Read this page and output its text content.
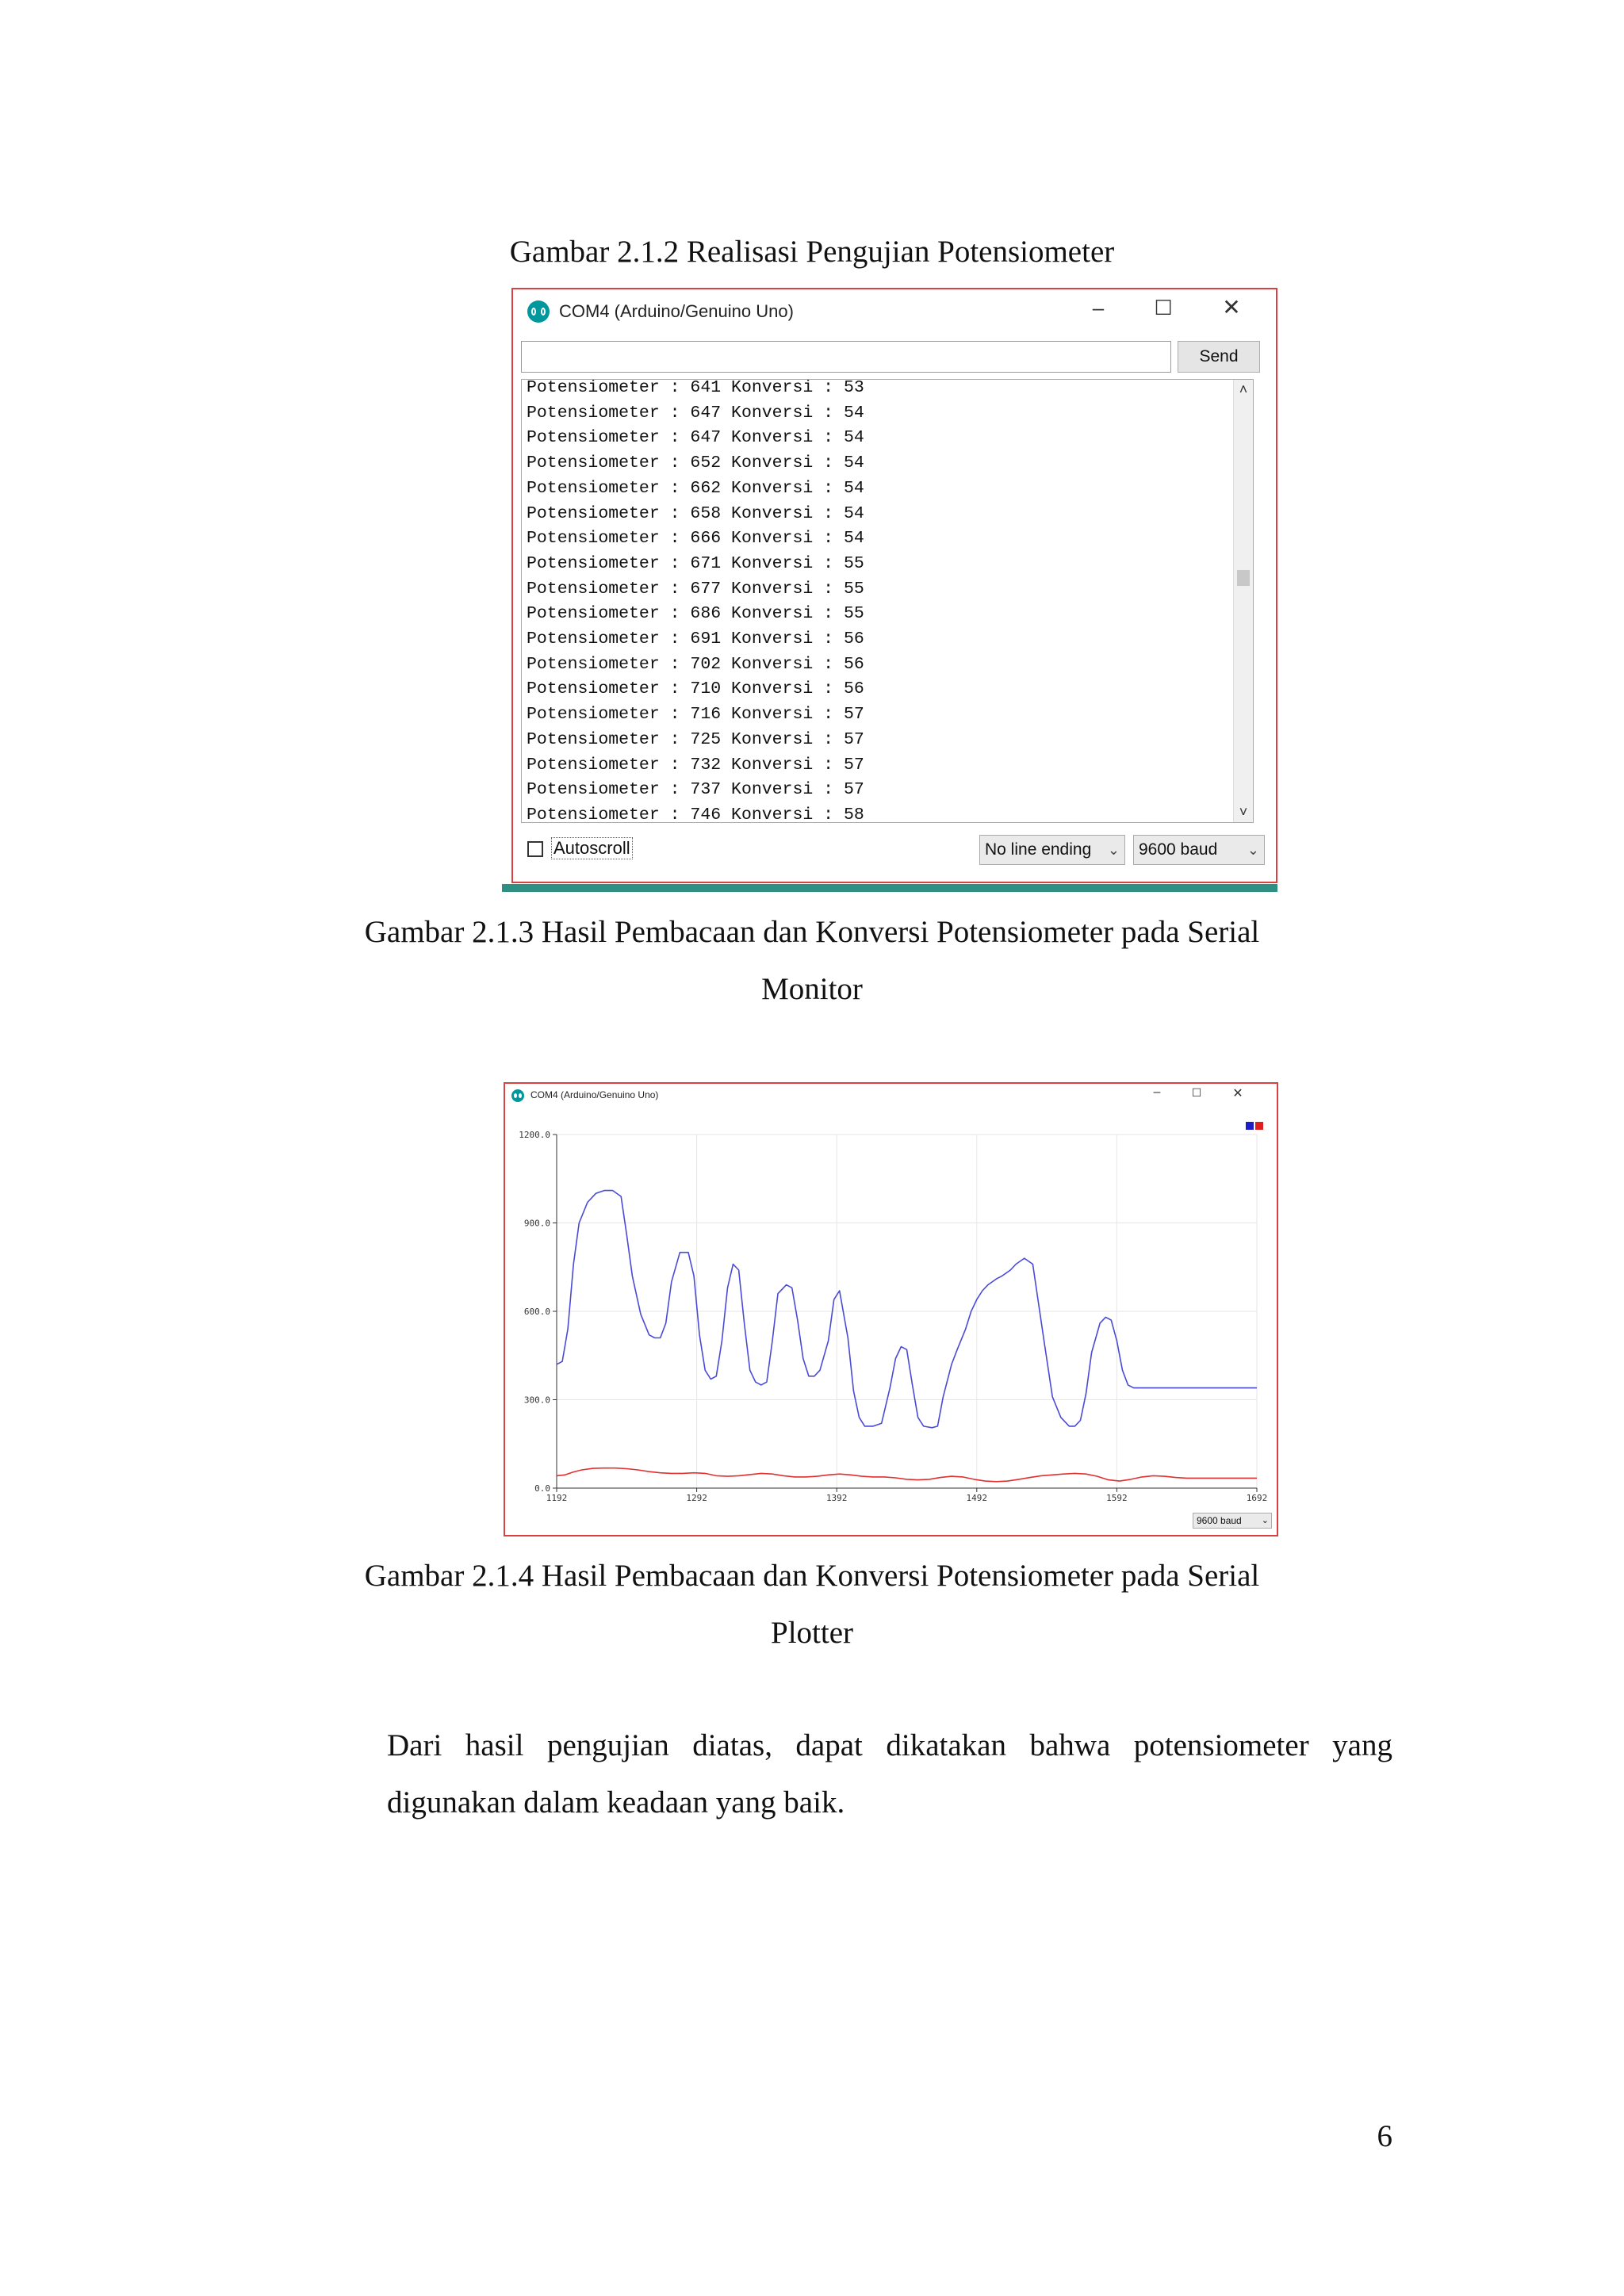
Gambar 2.1.2 Realisasi Pengujian Potensiometer
COM4 (Arduino/Genuino Uno)	–	☐ ✕
Send
Potensiometer : 641 Konversi : 53
Potensiometer : 647 Konversi : 54
Potensiometer : 647 Konversi : 54
Potensiometer : 652 Konversi : 54
Potensiometer : 662 Konversi : 54
Potensiometer : 658 Konversi : 54
Potensiometer : 666 Konversi : 54
Potensiometer : 671 Konversi : 55
Potensiometer : 677 Konversi : 55
Potensiometer : 686 Konversi : 55
Potensiometer : 691 Konversi : 56
Potensiometer : 702 Konversi : 56
Potensiometer : 710 Konversi : 56
Potensiometer : 716 Konversi : 57
Potensiometer : 725 Konversi : 57
Potensiometer : 732 Konversi : 57
Potensiometer : 737 Konversi : 57
Potensiometer : 746 Konversi : 58
˄
˅
Autoscroll	No line ending ⌄	9600 baud ⌄
Gambar 2.1.3 Hasil Pembacaan dan Konversi Potensiometer pada Serial
Monitor
COM4 (Arduino/Genuino Uno)	–	☐	✕
0.0
300.0
600.0
900.0
1200.0
1192	1292	1392	1492	1592	1692
9600 baud ⌄
Gambar 2.1.4 Hasil Pembacaan dan Konversi Potensiometer pada Serial
Plotter
Dari hasil pengujian diatas, dapat dikatakan bahwa potensiometer yang
digunakan dalam keadaan yang baik.
6
